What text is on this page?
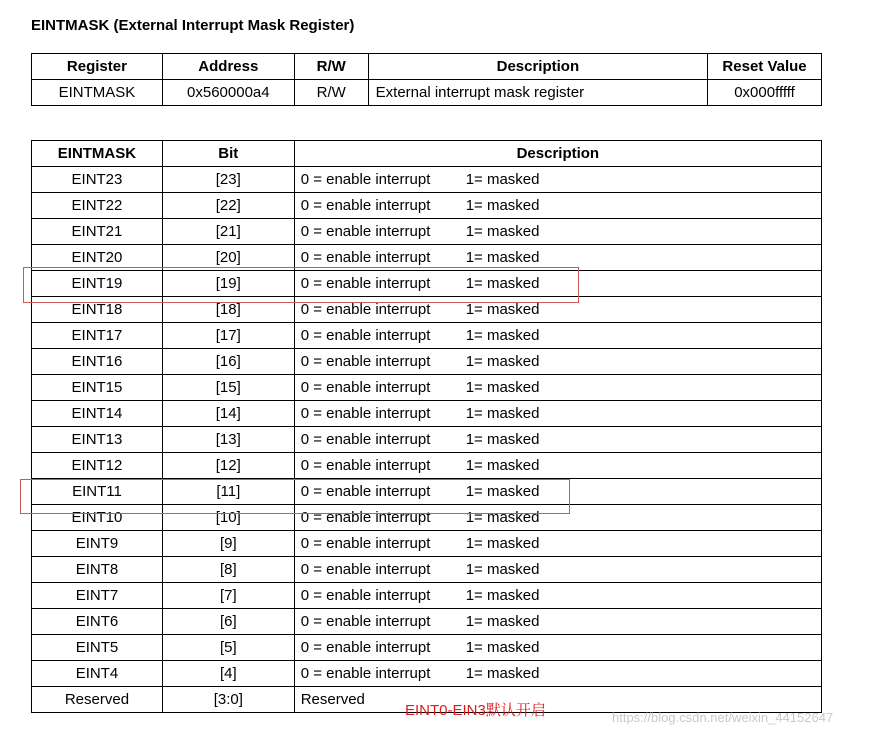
EINTMASK (External Interrupt Mask Register)
Register	Address	R/W	Description	Reset Value
EINTMASK	0x560000a4	R/W	External interrupt mask register	0x000fffff
EINTMASK	Bit	Description
EINT23	[23]	0 = enable interrupt 1= masked
EINT22	[22]	0 = enable interrupt 1= masked
EINT21	[21]	0 = enable interrupt 1= masked
EINT20	[20]	0 = enable interrupt 1= masked
EINT19	[19]	0 = enable interrupt 1= masked
EINT18	[18]	0 = enable interrupt 1= masked
EINT17	[17]	0 = enable interrupt 1= masked
EINT16	[16]	0 = enable interrupt 1= masked
EINT15	[15]	0 = enable interrupt 1= masked
EINT14	[14]	0 = enable interrupt 1= masked
EINT13	[13]	0 = enable interrupt 1= masked
EINT12	[12]	0 = enable interrupt 1= masked
EINT11	[11]	0 = enable interrupt 1= masked
EINT10	[10]	0 = enable interrupt 1= masked
EINT9	[9]	0 = enable interrupt 1= masked
EINT8	[8]	0 = enable interrupt 1= masked
EINT7	[7]	0 = enable interrupt 1= masked
EINT6	[6]	0 = enable interrupt 1= masked
EINT5	[5]	0 = enable interrupt 1= masked
EINT4	[4]	0 = enable interrupt 1= masked
Reserved	[3:0]	Reserved
EINT0-EIN3默认开启	https://blog.csdn.net/weixin_44152647
